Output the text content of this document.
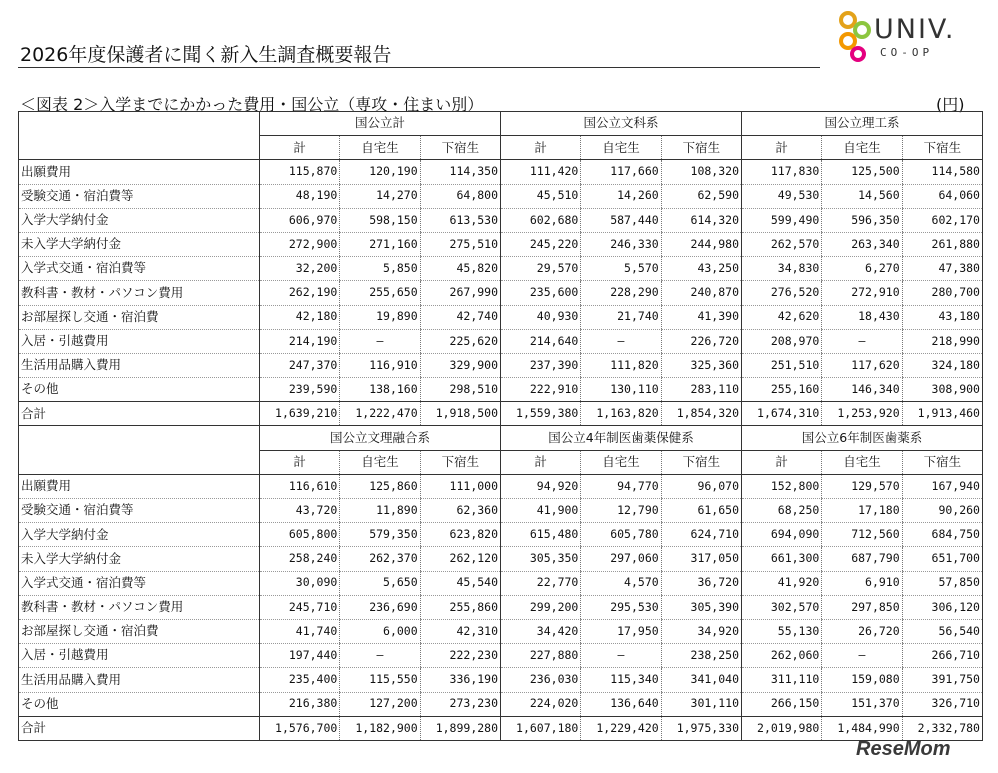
UNIV.
CO-OP
2026年度保護者に聞く新入生調査概要報告
＜図表 2＞入学までにかかった費用・国公立（専攻・住まい別）	(円)
	国公立計			国公立文科系			国公立理工系		
	計	自宅生	下宿生	計	自宅生	下宿生	計	自宅生	下宿生
出願費用	115,870	120,190	114,350	111,420	117,660	108,320	117,830	125,500	114,580
受験交通・宿泊費等	48,190	14,270	64,800	45,510	14,260	62,590	49,530	14,560	64,060
入学大学納付金	606,970	598,150	613,530	602,680	587,440	614,320	599,490	596,350	602,170
未入学大学納付金	272,900	271,160	275,510	245,220	246,330	244,980	262,570	263,340	261,880
入学式交通・宿泊費等	32,200	5,850	45,820	29,570	5,570	43,250	34,830	6,270	47,380
教科書・教材・パソコン費用	262,190	255,650	267,990	235,600	228,290	240,870	276,520	272,910	280,700
お部屋探し交通・宿泊費	42,180	19,890	42,740	40,930	21,740	41,390	42,620	18,430	43,180
入居・引越費用	214,190	—	225,620	214,640	—	226,720	208,970	—	218,990
生活用品購入費用	247,370	116,910	329,900	237,390	111,820	325,360	251,510	117,620	324,180
その他	239,590	138,160	298,510	222,910	130,110	283,110	255,160	146,340	308,900
合計	1,639,210	1,222,470	1,918,500	1,559,380	1,163,820	1,854,320	1,674,310	1,253,920	1,913,460
	国公立文理融合系			国公立4年制医歯薬保健系			国公立6年制医歯薬系		
	計	自宅生	下宿生	計	自宅生	下宿生	計	自宅生	下宿生
出願費用	116,610	125,860	111,000	94,920	94,770	96,070	152,800	129,570	167,940
受験交通・宿泊費等	43,720	11,890	62,360	41,900	12,790	61,650	68,250	17,180	90,260
入学大学納付金	605,800	579,350	623,820	615,480	605,780	624,710	694,090	712,560	684,750
未入学大学納付金	258,240	262,370	262,120	305,350	297,060	317,050	661,300	687,790	651,700
入学式交通・宿泊費等	30,090	5,650	45,540	22,770	4,570	36,720	41,920	6,910	57,850
教科書・教材・パソコン費用	245,710	236,690	255,860	299,200	295,530	305,390	302,570	297,850	306,120
お部屋探し交通・宿泊費	41,740	6,000	42,310	34,420	17,950	34,920	55,130	26,720	56,540
入居・引越費用	197,440	—	222,230	227,880	—	238,250	262,060	—	266,710
生活用品購入費用	235,400	115,550	336,190	236,030	115,340	341,040	311,110	159,080	391,750
その他	216,380	127,200	273,230	224,020	136,640	301,110	266,150	151,370	326,710
合計	1,576,700	1,182,900	1,899,280	1,607,180	1,229,420	1,975,330	2,019,980	1,484,990	2,332,780
ReseMom
